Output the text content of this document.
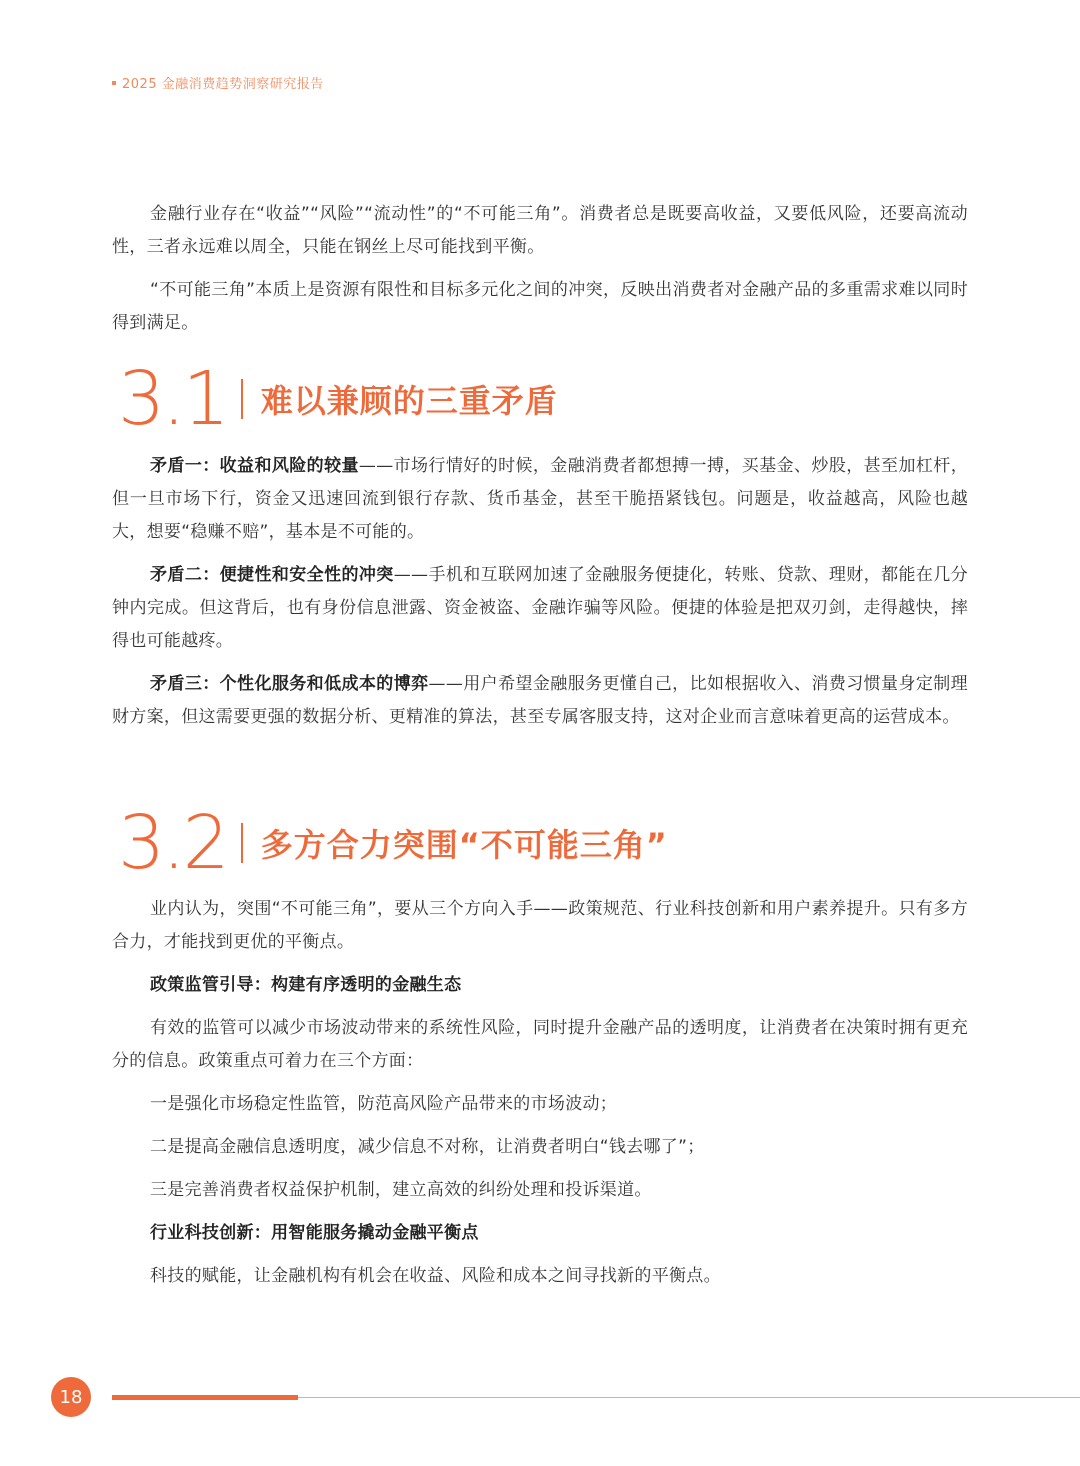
2025 金融消费趋势洞察研究报告

金融行业存在“收益”“风险”“流动性”的“不可能三角”。消费者总是既要高收益，又要低风险，还要高流动性，三者永远难以周全，只能在钢丝上尽可能找到平衡。

“不可能三角”本质上是资源有限性和目标多元化之间的冲突，反映出消费者对金融产品的多重需求难以同时得到满足。

3.1 难以兼顾的三重矛盾

矛盾一：收益和风险的较量——市场行情好的时候，金融消费者都想搏一搏，买基金、炒股，甚至加杠杆，但一旦市场下行，资金又迅速回流到银行存款、货币基金，甚至干脆捂紧钱包。问题是，收益越高，风险也越大，想要“稳赚不赔”，基本是不可能的。

矛盾二：便捷性和安全性的冲突——手机和互联网加速了金融服务便捷化，转账、贷款、理财，都能在几分钟内完成。但这背后，也有身份信息泄露、资金被盗、金融诈骗等风险。便捷的体验是把双刃剑，走得越快，摔得也可能越疼。

矛盾三：个性化服务和低成本的博弈——用户希望金融服务更懂自己，比如根据收入、消费习惯量身定制理财方案，但这需要更强的数据分析、更精准的算法，甚至专属客服支持，这对企业而言意味着更高的运营成本。

3.2 多方合力突围“不可能三角”

业内认为，突围“不可能三角”，要从三个方向入手——政策规范、行业科技创新和用户素养提升。只有多方合力，才能找到更优的平衡点。

政策监管引导：构建有序透明的金融生态

有效的监管可以减少市场波动带来的系统性风险，同时提升金融产品的透明度，让消费者在决策时拥有更充分的信息。政策重点可着力在三个方面：

一是强化市场稳定性监管，防范高风险产品带来的市场波动；

二是提高金融信息透明度，减少信息不对称，让消费者明白“钱去哪了”；

三是完善消费者权益保护机制，建立高效的纠纷处理和投诉渠道。

行业科技创新：用智能服务撬动金融平衡点

科技的赋能，让金融机构有机会在收益、风险和成本之间寻找新的平衡点。

18
